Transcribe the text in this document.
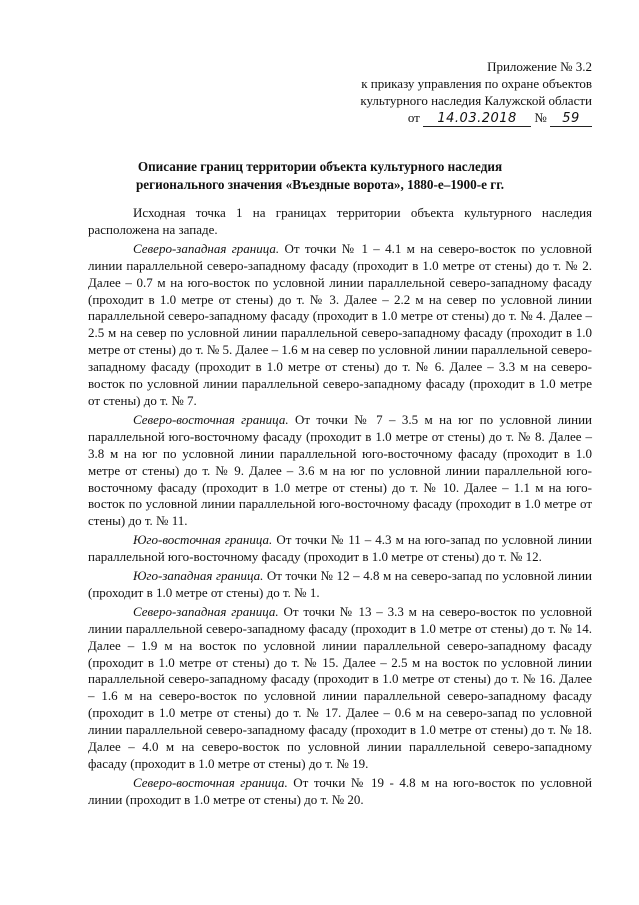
Приложение № 3.2
к приказу управления по охране объектов
культурного наследия Калужской области
от 14.03.2018 № 59
Описание границ территории объекта культурного наследия
регионального значения «Въездные ворота», 1880-е–1900-е гг.

Исходная точка 1 на границах территории объекта культурного наследия расположена на западе.

Северо-западная граница. От точки № 1 – 4.1 м на северо-восток по условной линии параллельной северо-западному фасаду (проходит в 1.0 метре от стены) до т. № 2. Далее – 0.7 м на юго-восток по условной линии параллельной северо-западному фасаду (проходит в 1.0 метре от стены) до т. № 3. Далее – 2.2 м на север по условной линии параллельной северо-западному фасаду (проходит в 1.0 метре от стены) до т. № 4. Далее – 2.5 м на север по условной линии параллельной северо-западному фасаду (проходит в 1.0 метре от стены) до т. № 5. Далее – 1.6 м на север по условной линии параллельной северо-западному фасаду (проходит в 1.0 метре от стены) до т. № 6. Далее – 3.3 м на северо-восток по условной линии параллельной северо-западному фасаду (проходит в 1.0 метре от стены) до т. № 7.

Северо-восточная граница. От точки № 7 – 3.5 м на юг по условной линии параллельной юго-восточному фасаду (проходит в 1.0 метре от стены) до т. № 8. Далее – 3.8 м на юг по условной линии параллельной юго-восточному фасаду (проходит в 1.0 метре от стены) до т. № 9. Далее – 3.6 м на юг по условной линии параллельной юго-восточному фасаду (проходит в 1.0 метре от стены) до т. № 10. Далее – 1.1 м на юго-восток по условной линии параллельной юго-восточному фасаду (проходит в 1.0 метре от стены) до т. № 11.

Юго-восточная граница. От точки № 11 – 4.3 м на юго-запад по условной линии параллельной юго-восточному фасаду (проходит в 1.0 метре от стены) до т. № 12.

Юго-западная граница. От точки № 12 – 4.8 м на северо-запад по условной линии (проходит в 1.0 метре от стены) до т. № 1.

Северо-западная граница. От точки № 13 – 3.3 м на северо-восток по условной линии параллельной северо-западному фасаду (проходит в 1.0 метре от стены) до т. № 14. Далее – 1.9 м на восток по условной линии параллельной северо-западному фасаду (проходит в 1.0 метре от стены) до т. № 15. Далее – 2.5 м на восток по условной линии параллельной северо-западному фасаду (проходит в 1.0 метре от стены) до т. № 16. Далее – 1.6 м на северо-восток по условной линии параллельной северо-западному фасаду (проходит в 1.0 метре от стены) до т. № 17. Далее – 0.6 м на северо-запад по условной линии параллельной северо-западному фасаду (проходит в 1.0 метре от стены) до т. № 18. Далее – 4.0 м на северо-восток по условной линии параллельной северо-западному фасаду (проходит в 1.0 метре от стены) до т. № 19.

Северо-восточная граница. От точки № 19 - 4.8 м на юго-восток по условной линии (проходит в 1.0 метре от стены) до т. № 20.
